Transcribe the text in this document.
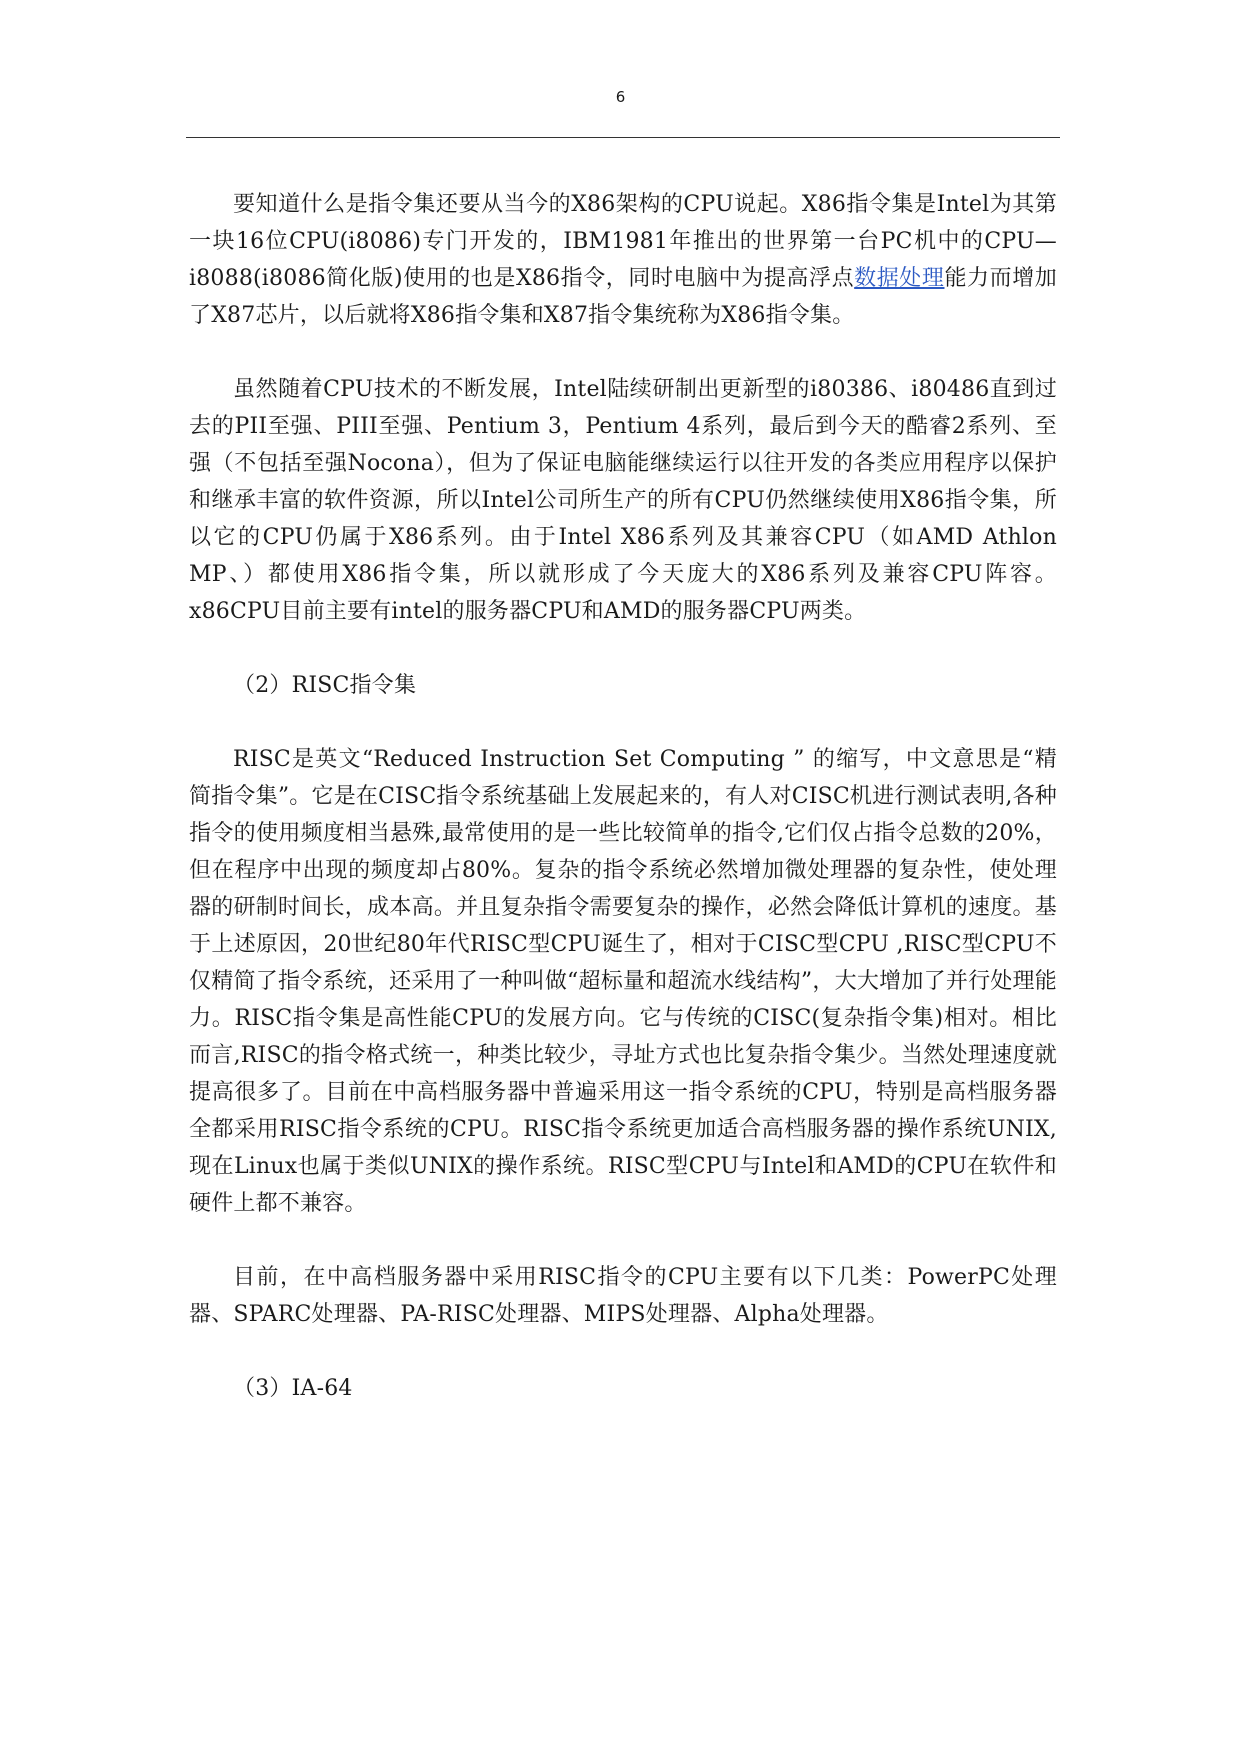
6

要知道什么是指令集还要从当今的X86架构的CPU说起。X86指令集是Intel为其第一块16位CPU(i8086)专门开发的，IBM1981年推出的世界第一台PC机中的CPU—i8088(i8086简化版)使用的也是X86指令，同时电脑中为提高浮点数据处理能力而增加了X87芯片，以后就将X86指令集和X87指令集统称为X86指令集。

虽然随着CPU技术的不断发展，Intel陆续研制出更新型的i80386、i80486直到过去的PII至强、PIII至强、Pentium 3，Pentium 4系列，最后到今天的酷睿2系列、至强（不包括至强Nocona），但为了保证电脑能继续运行以往开发的各类应用程序以保护和继承丰富的软件资源，所以Intel公司所生产的所有CPU仍然继续使用X86指令集，所以它的CPU仍属于X86系列。由于Intel X86系列及其兼容CPU（如AMD Athlon MP、）都使用X86指令集，所以就形成了今天庞大的X86系列及兼容CPU阵容。x86CPU目前主要有intel的服务器CPU和AMD的服务器CPU两类。

（2）RISC指令集

RISC是英文“Reduced Instruction Set Computing ” 的缩写，中文意思是“精简指令集”。它是在CISC指令系统基础上发展起来的，有人对CISC机进行测试表明,各种指令的使用频度相当悬殊,最常使用的是一些比较简单的指令,它们仅占指令总数的20%，但在程序中出现的频度却占80%。复杂的指令系统必然增加微处理器的复杂性，使处理器的研制时间长，成本高。并且复杂指令需要复杂的操作，必然会降低计算机的速度。基于上述原因，20世纪80年代RISC型CPU诞生了，相对于CISC型CPU ,RISC型CPU不仅精简了指令系统，还采用了一种叫做“超标量和超流水线结构”，大大增加了并行处理能力。RISC指令集是高性能CPU的发展方向。它与传统的CISC(复杂指令集)相对。相比而言,RISC的指令格式统一，种类比较少，寻址方式也比复杂指令集少。当然处理速度就提高很多了。目前在中高档服务器中普遍采用这一指令系统的CPU，特别是高档服务器全都采用RISC指令系统的CPU。RISC指令系统更加适合高档服务器的操作系统UNIX,现在Linux也属于类似UNIX的操作系统。RISC型CPU与Intel和AMD的CPU在软件和硬件上都不兼容。

目前，在中高档服务器中采用RISC指令的CPU主要有以下几类：PowerPC处理器、SPARC处理器、PA-RISC处理器、MIPS处理器、Alpha处理器。

（3）IA-64
